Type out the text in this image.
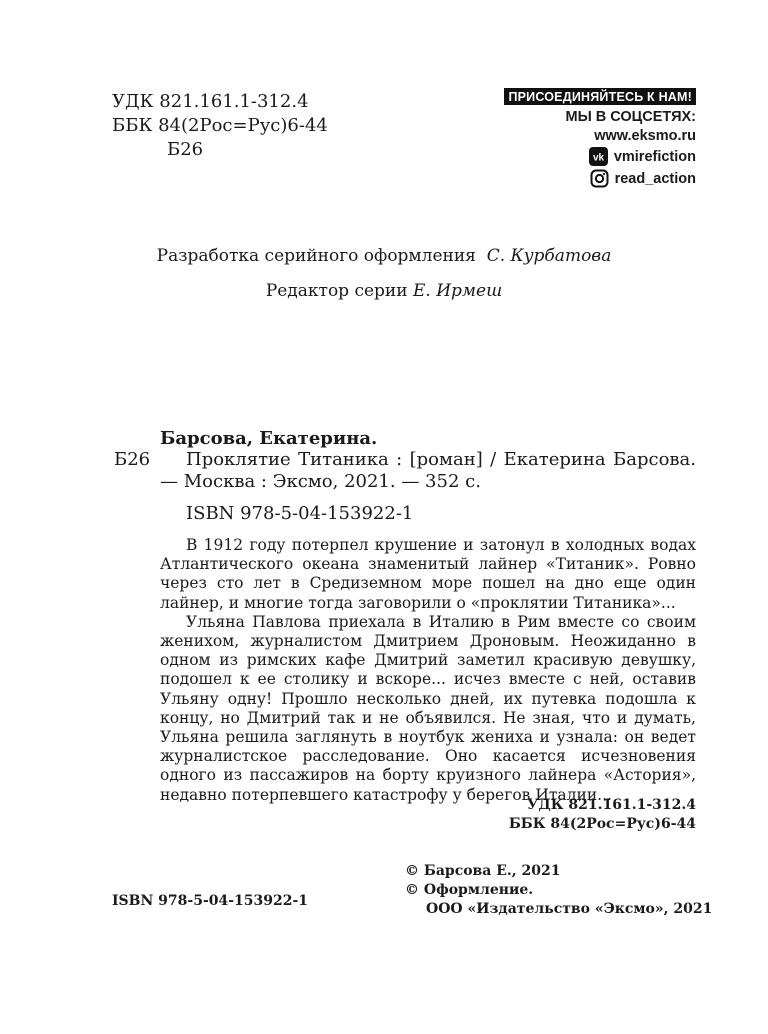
УДК 821.161.1-312.4
ББК 84(2Рос=Рус)6-44
Б26
ПРИСОЕДИНЯЙТЕСЬ К НАМ!
МЫ В СОЦСЕТЯХ:
www.eksmo.ru
vk vmirefiction
read_action
Разработка серийного оформления С. Курбатова
Редактор серии Е. Ирмеш
Барсова, Екатерина.
Б26	Проклятие Титаника : [роман] / Екатерина Барсова. — Москва : Эксмо, 2021. — 352 с.
ISBN 978-5-04-153922-1

В 1912 году потерпел крушение и затонул в холодных водах Атлантического океана знаменитый лайнер «Титаник». Ровно через сто лет в Средиземном море пошел на дно еще один лайнер, и многие тогда заговорили о «проклятии Титаника»...

Ульяна Павлова приехала в Италию в Рим вместе со своим женихом, журналистом Дмитрием Дроновым. Неожиданно в одном из римских кафе Дмитрий заметил красивую девушку, подошел к ее столику и вскоре... исчез вместе с ней, оставив Ульяну одну! Прошло несколько дней, их путевка подошла к концу, но Дмитрий так и не объявился. Не зная, что и думать, Ульяна решила заглянуть в ноутбук жениха и узнала: он ведет журналистское расследование. Оно касается исчезновения одного из пассажиров на борту круизного лайнера «Астория», недавно потерпевшего катастрофу у берегов Италии...

УДК 821.161.1-312.4
ББК 84(2Рос=Рус)6-44
© Барсова Е., 2021
© Оформление.
ООО «Издательство «Эксмо», 2021
ISBN 978-5-04-153922-1
